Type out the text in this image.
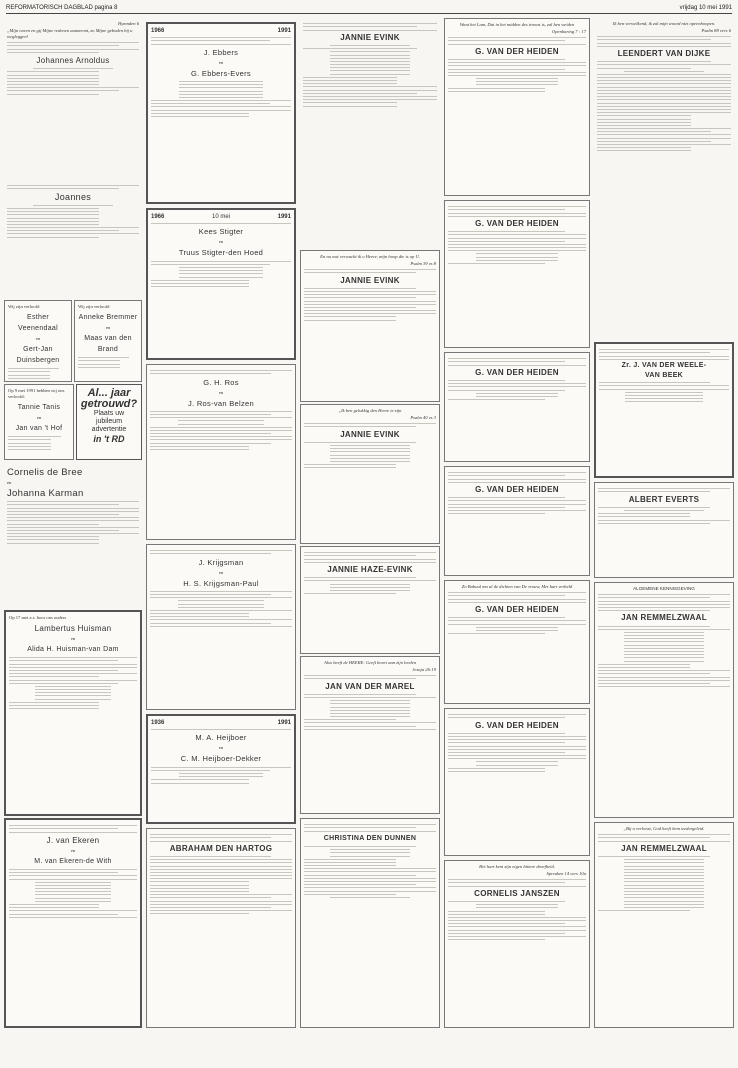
REFORMATORISCH DAGBLAD pagina 8	vrijdag 10 mei 1991
Hymnden 6
„Mijn ooren en gij Mijne redenen aanneemt, zo Mijne geboden bij u wegleggen!
Johannes Arnoldus
Joannes
Wij zijn verloofd
Esther Veenendaal
en
Gert-Jan Duinsbergen
Wij zijn verloofd
Anneke Bremmer
en
Maas van den Brand
Op 9 mei 1991 hebben wij ons verloofd:
Tannie Tanis
en
Jan van 't Hof
Al... jaar
getrouwd?
Plaats uw
jubileum
advertentie
in 't RD
Cornelis de Bree
en
Johanna Karman
Op 17 mei a.s. hoor ons ouders
Lambertus Huisman
en
Alida H. Huisman-van Dam
J. van Ekeren
en
M. van Ekeren-de With
1966	1991
J. Ebbers
en
G. Ebbers-Evers
1966	10 mei	1991
Kees Stigter
en
Truus Stigter-den Hoed
G. H. Ros
en
J. Ros-van Belzen
J. Krijgsman
en
H. S. Krijgsman-Paul
1936	1991
M. A. Heijboer
en
C. M. Heijboer-Dekker
ABRAHAM DEN HARTOG
JANNIE EVINK
En nu wat verwacht ik o Heere, mijn hoop die is op U.
Psalm 39 vs 8
JANNIE EVINK
„Ik ben gelukkig den Heere te zijn
Psalm 40 vs 3
JANNIE EVINK
JANNIE HAZE-EVINK
Also heeft de HEERE: Geeft hoort aan zijn leeden
Jesaja 26:19
JAN VAN DER MAREL
CHRISTINA DEN DUNNEN
Want het Lam, Dat in het midden des troons is, zal hen weiden
Openbaring 7 : 17
G. VAN DER HEIDEN
G. VAN DER HEIDEN
G. VAN DER HEIDEN
G. VAN DER HEIDEN
Zo Babuul ma al de dichten van De vrouw, Met hart verheld
G. VAN DER HEIDEN
G. VAN DER HEIDEN
Het hart kent zijn eigen bittere droefheid.
Spreuken 14 vers 10a
CORNELIS JANSZEN
Ik ben verwelkend, ik zal mijn woord niet opeenhoopen.
Psalm 88 vers 6
LEENDERT VAN DIJKE
Zr. J. VAN DER WEELE-
VAN BEEK
ALBERT EVERTS
ALGEMENE KENNISGEVING
JAN REMMELZWAAL
„Bij u verloost, God heeft hem wedergeleid.
JAN REMMELZWAAL
